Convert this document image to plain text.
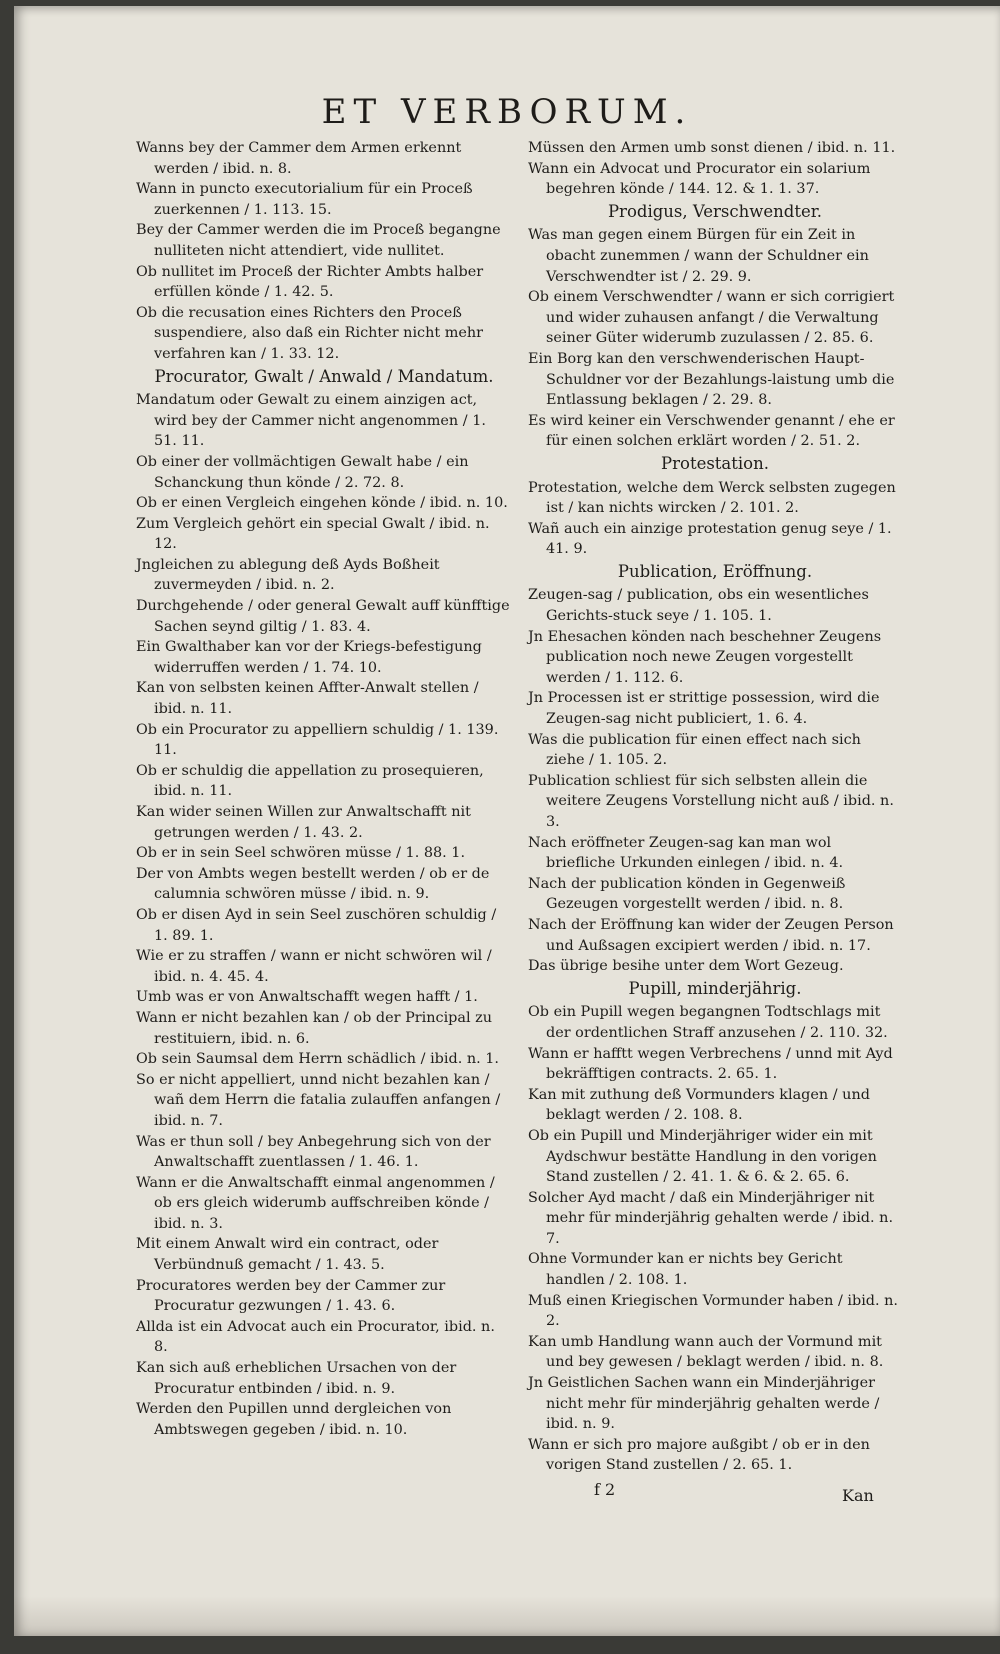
ET VERBORUM.

Wanns bey der Cammer dem Armen erkennt werden / ibid. n. 8.

Wann in puncto executorialium für ein Proceß zuerkennen / 1. 113. 15.

Bey der Cammer werden die im Proceß begangne nulliteten nicht attendiert, vide nullitet.

Ob nullitet im Proceß der Richter Ambts halber erfüllen könde / 1. 42. 5.

Ob die recusation eines Richters den Proceß suspendiere, also daß ein Richter nicht mehr verfahren kan / 1. 33. 12.

Procurator, Gwalt / Anwald / Mandatum.

Mandatum oder Gewalt zu einem ainzigen act, wird bey der Cammer nicht angenommen / 1. 51. 11.

Ob einer der vollmächtigen Gewalt habe / ein Schanckung thun könde / 2. 72. 8.

Ob er einen Vergleich eingehen könde / ibid. n. 10.

Zum Vergleich gehört ein special Gwalt / ibid. n. 12.

Jngleichen zu ablegung deß Ayds Boßheit zuvermeyden / ibid. n. 2.

Durchgehende / oder general Gewalt auff künfftige Sachen seynd giltig / 1. 83. 4.

Ein Gwalthaber kan vor der Kriegs-befestigung widerruffen werden / 1. 74. 10.

Kan von selbsten keinen Affter-Anwalt stellen / ibid. n. 11.

Ob ein Procurator zu appelliern schuldig / 1. 139. 11.

Ob er schuldig die appellation zu prosequieren, ibid. n. 11.

Kan wider seinen Willen zur Anwaltschafft nit getrungen werden / 1. 43. 2.

Ob er in sein Seel schwören müsse / 1. 88. 1.

Der von Ambts wegen bestellt werden / ob er de calumnia schwören müsse / ibid. n. 9.

Ob er disen Ayd in sein Seel zuschören schuldig / 1. 89. 1.

Wie er zu straffen / wann er nicht schwören wil / ibid. n. 4. 45. 4.

Umb was er von Anwaltschafft wegen hafft / 1.

Wann er nicht bezahlen kan / ob der Principal zu restituiern, ibid. n. 6.

Ob sein Saumsal dem Herrn schädlich / ibid. n. 1.

So er nicht appelliert, unnd nicht bezahlen kan / wañ dem Herrn die fatalia zulauffen anfangen / ibid. n. 7.

Was er thun soll / bey Anbegehrung sich von der Anwaltschafft zuentlassen / 1. 46. 1.

Wann er die Anwaltschafft einmal angenommen / ob ers gleich widerumb auffschreiben könde / ibid. n. 3.

Mit einem Anwalt wird ein contract, oder Verbündnuß gemacht / 1. 43. 5.

Procuratores werden bey der Cammer zur Procuratur gezwungen / 1. 43. 6.

Allda ist ein Advocat auch ein Procurator, ibid. n. 8.

Kan sich auß erheblichen Ursachen von der Procuratur entbinden / ibid. n. 9.

Werden den Pupillen unnd dergleichen von Ambtswegen gegeben / ibid. n. 10.

Müssen den Armen umb sonst dienen / ibid. n. 11.

Wann ein Advocat und Procurator ein solarium begehren könde / 144. 12. & 1. 1. 37.

Prodigus, Verschwendter.

Was man gegen einem Bürgen für ein Zeit in obacht zunemmen / wann der Schuldner ein Verschwendter ist / 2. 29. 9.

Ob einem Verschwendter / wann er sich corrigiert und wider zuhausen anfangt / die Verwaltung seiner Güter widerumb zuzulassen / 2. 85. 6.

Ein Borg kan den verschwenderischen Haupt-Schuldner vor der Bezahlungs-laistung umb die Entlassung beklagen / 2. 29. 8.

Es wird keiner ein Verschwender genannt / ehe er für einen solchen erklärt worden / 2. 51. 2.

Protestation.

Protestation, welche dem Werck selbsten zugegen ist / kan nichts wircken / 2. 101. 2.

Wañ auch ein ainzige protestation genug seye / 1. 41. 9.

Publication, Eröffnung.

Zeugen-sag / publication, obs ein wesentliches Gerichts-stuck seye / 1. 105. 1.

Jn Ehesachen könden nach beschehner Zeugens publication noch newe Zeugen vorgestellt werden / 1. 112. 6.

Jn Processen ist er strittige possession, wird die Zeugen-sag nicht publiciert, 1. 6. 4.

Was die publication für einen effect nach sich ziehe / 1. 105. 2.

Publication schliest für sich selbsten allein die weitere Zeugens Vorstellung nicht auß / ibid. n. 3.

Nach eröffneter Zeugen-sag kan man wol briefliche Urkunden einlegen / ibid. n. 4.

Nach der publication könden in Gegenweiß Gezeugen vorgestellt werden / ibid. n. 8.

Nach der Eröffnung kan wider der Zeugen Person und Außsagen excipiert werden / ibid. n. 17.

Das übrige besihe unter dem Wort Gezeug.

Pupill, minderjährig.

Ob ein Pupill wegen begangnen Todtschlags mit der ordentlichen Straff anzusehen / 2. 110. 32.

Wann er hafftt wegen Verbrechens / unnd mit Ayd bekräfftigen contracts. 2. 65. 1.

Kan mit zuthung deß Vormunders klagen / und beklagt werden / 2. 108. 8.

Ob ein Pupill und Minderjähriger wider ein mit Aydschwur bestätte Handlung in den vorigen Stand zustellen / 2. 41. 1. & 6. & 2. 65. 6.

Solcher Ayd macht / daß ein Minderjähriger nit mehr für minderjährig gehalten werde / ibid. n. 7.

Ohne Vormunder kan er nichts bey Gericht handlen / 2. 108. 1.

Muß einen Kriegischen Vormunder haben / ibid. n. 2.

Kan umb Handlung wann auch der Vormund mit und bey gewesen / beklagt werden / ibid. n. 8.

Jn Geistlichen Sachen wann ein Minderjähriger nicht mehr für minderjährig gehalten werde / ibid. n. 9.

Wann er sich pro majore außgibt / ob er in den vorigen Stand zustellen / 2. 65. 1.

f 2	Kan
